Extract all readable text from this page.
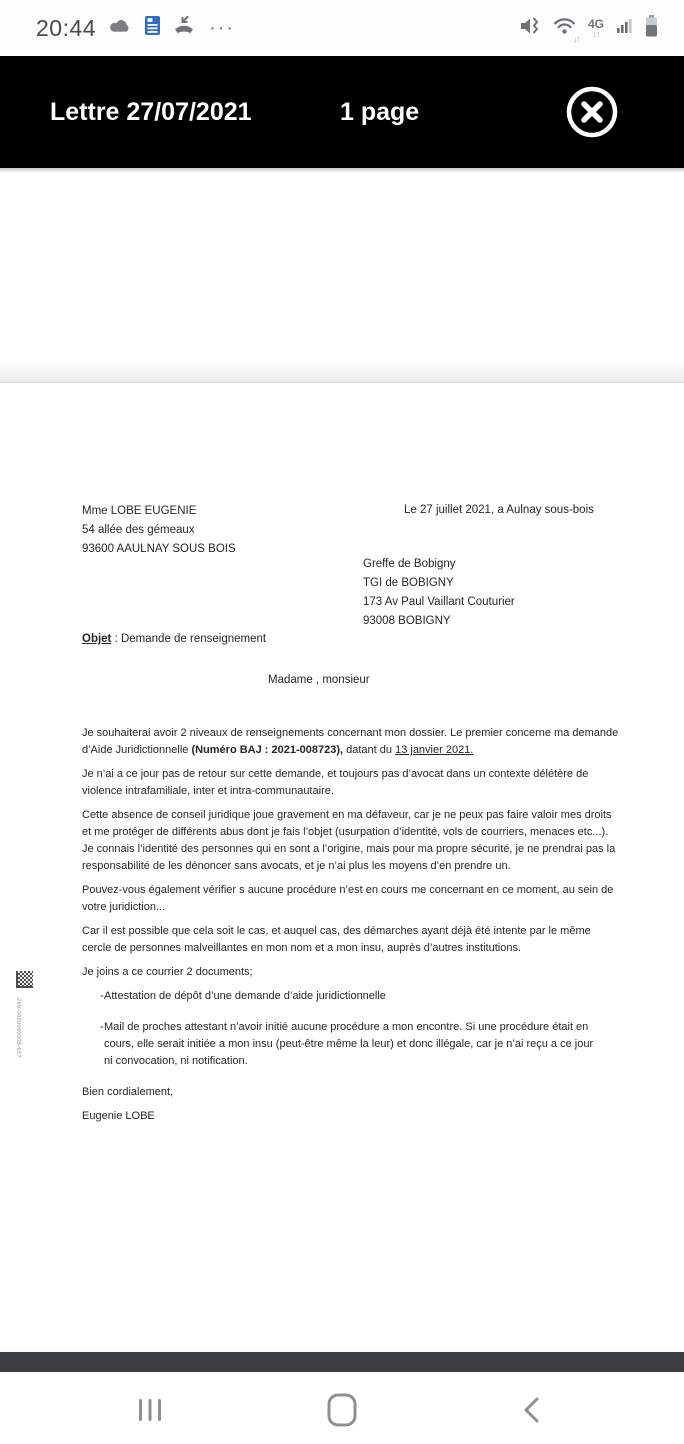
20:44	···	↓↑
4G
↓↑
Lettre 27/07/2021	1 page
299-0000000005-657
Mme LOBE EUGENIE
54 allée des gémeaux
93600 AAULNAY SOUS BOIS
Le 27 juillet 2021, a Aulnay sous-bois
Greffe de Bobigny
TGI de BOBIGNY
173 Av Paul Vaillant Couturier
93008 BOBIGNY
Objet : Demande de renseignement
Madame , monsieur

Je souhaiterai avoir 2 niveaux de renseignements concernant mon dossier. Le premier concerne ma demande d’Aide Juridictionnelle (Numéro BAJ : 2021-008723), datant du 13 janvier 2021.

Je n’ai a ce jour pas de retour sur cette demande, et toujours pas d’avocat dans un contexte délétère de violence intrafamiliale, inter et intra-communautaire.

Cette absence de conseil juridique joue gravement en ma défaveur, car je ne peux pas faire valoir mes droits et me protéger de différents abus dont je fais l’objet (usurpation d’identité, vols de courriers, menaces etc...). Je connais l’identité des personnes qui en sont a l’origine, mais pour ma propre sécurité, je ne prendrai pas la responsabilité de les dénoncer sans avocats, et je n’ai plus les moyens d’en prendre un.

Pouvez-vous également vérifier s aucune procédure n’est en cours me concernant en ce moment, au sein de votre juridiction...

Car il est possible que cela soit le cas, et auquel cas, des démarches ayant déjà été intente par le même cercle de personnes malveillantes en mon nom et a mon insu, auprès d’autres institutions.

Je joins a ce courrier 2 documents;

- Attestation de dépôt d’une demande d’aide juridictionnelle
- Mail de proches attestant n’avoir initié aucune procédure a mon encontre. Si une procédure était en cours, elle serait initiée a mon insu (peut-être même la leur) et donc illégale, car je n’ai reçu a ce jour ni convocation, ni notification.

Bien cordialement,

Eugenie LOBE
